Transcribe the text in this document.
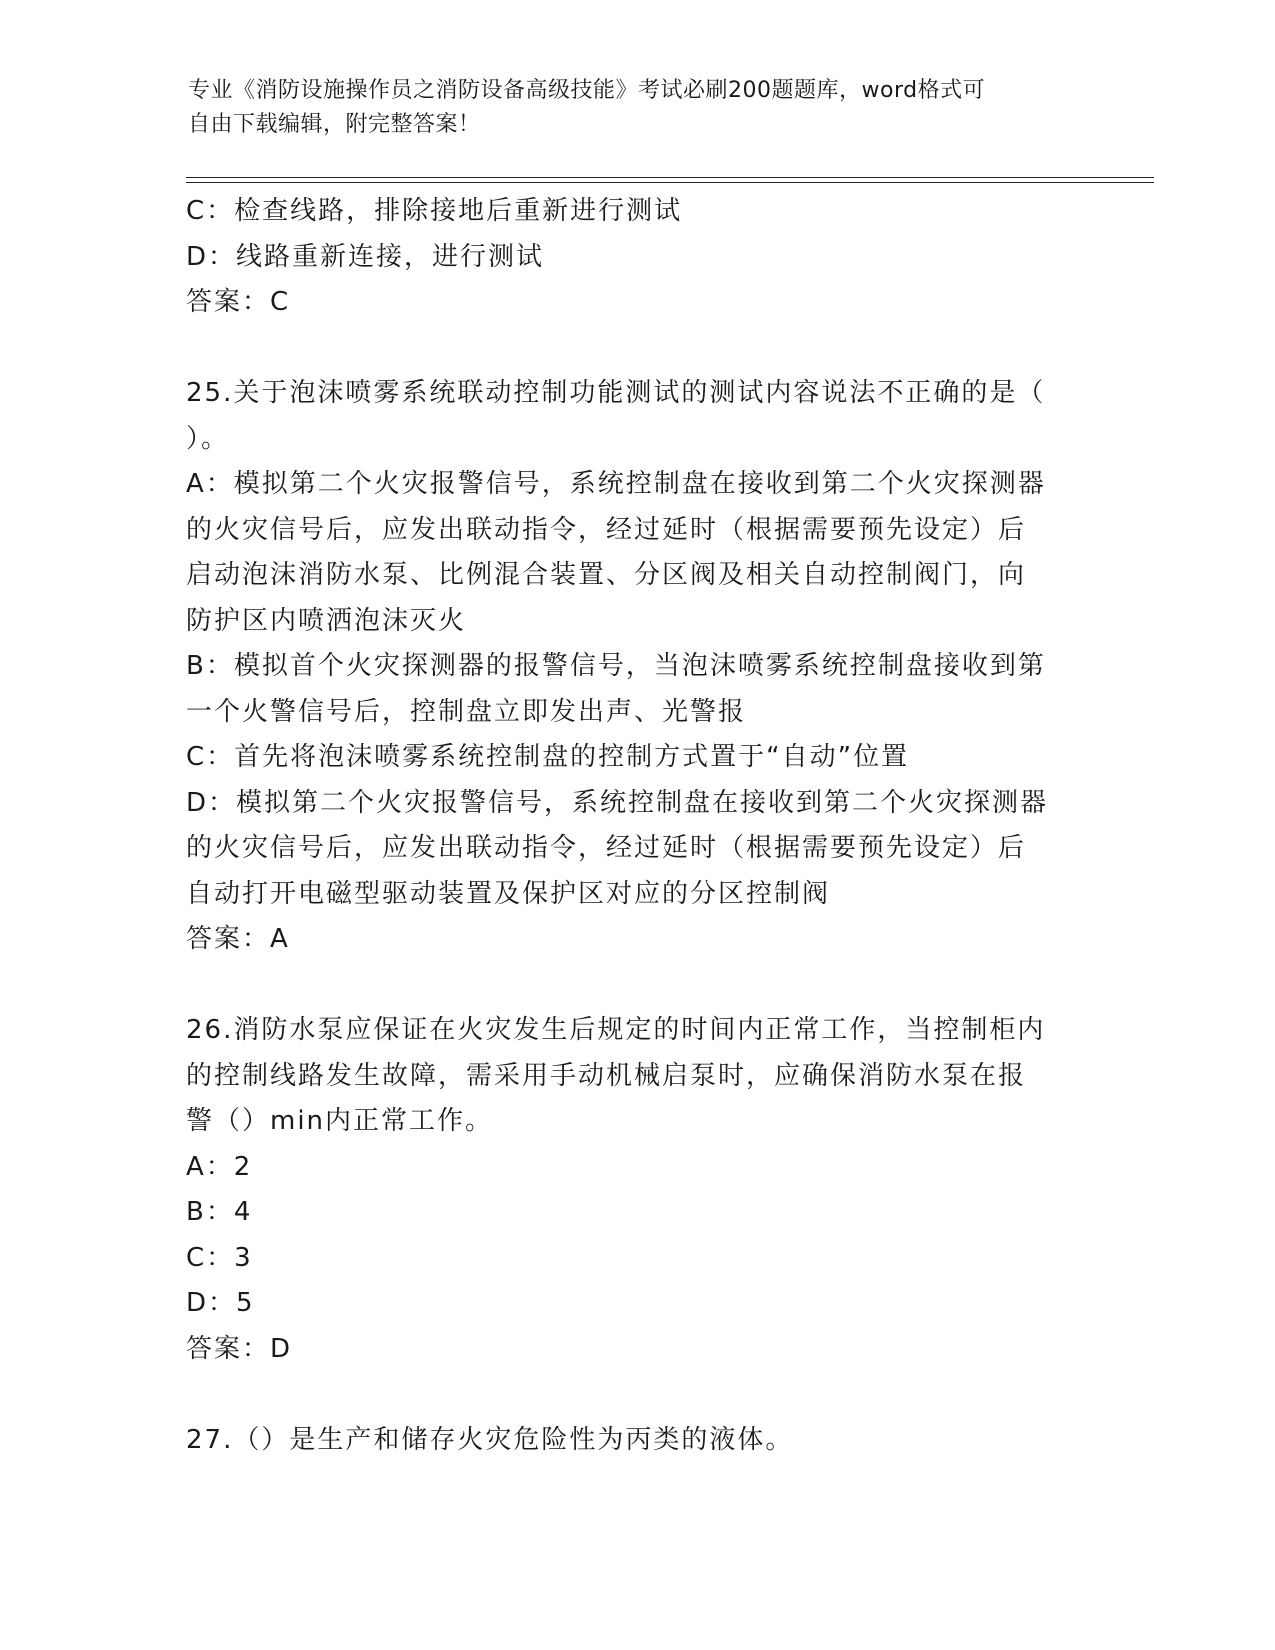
专业《消防设施操作员之消防设备高级技能》考试必刷200题题库，word格式可
自由下载编辑，附完整答案！
C：检查线路，排除接地后重新进行测试
D：线路重新连接，进行测试
答案：C
25.关于泡沫喷雾系统联动控制功能测试的测试内容说法不正确的是（
）。
A：模拟第二个火灾报警信号，系统控制盘在接收到第二个火灾探测器
的火灾信号后，应发出联动指令，经过延时（根据需要预先设定）后
启动泡沫消防水泵、比例混合装置、分区阀及相关自动控制阀门，向
防护区内喷洒泡沫灭火
B：模拟首个火灾探测器的报警信号，当泡沫喷雾系统控制盘接收到第
一个火警信号后，控制盘立即发出声、光警报
C：首先将泡沫喷雾系统控制盘的控制方式置于“自动”位置
D：模拟第二个火灾报警信号，系统控制盘在接收到第二个火灾探测器
的火灾信号后，应发出联动指令，经过延时（根据需要预先设定）后
自动打开电磁型驱动装置及保护区对应的分区控制阀
答案：A
26.消防水泵应保证在火灾发生后规定的时间内正常工作，当控制柜内
的控制线路发生故障，需采用手动机械启泵时，应确保消防水泵在报
警（）min内正常工作。
A：2
B：4
C：3
D：5
答案：D
27.（）是生产和储存火灾危险性为丙类的液体。
